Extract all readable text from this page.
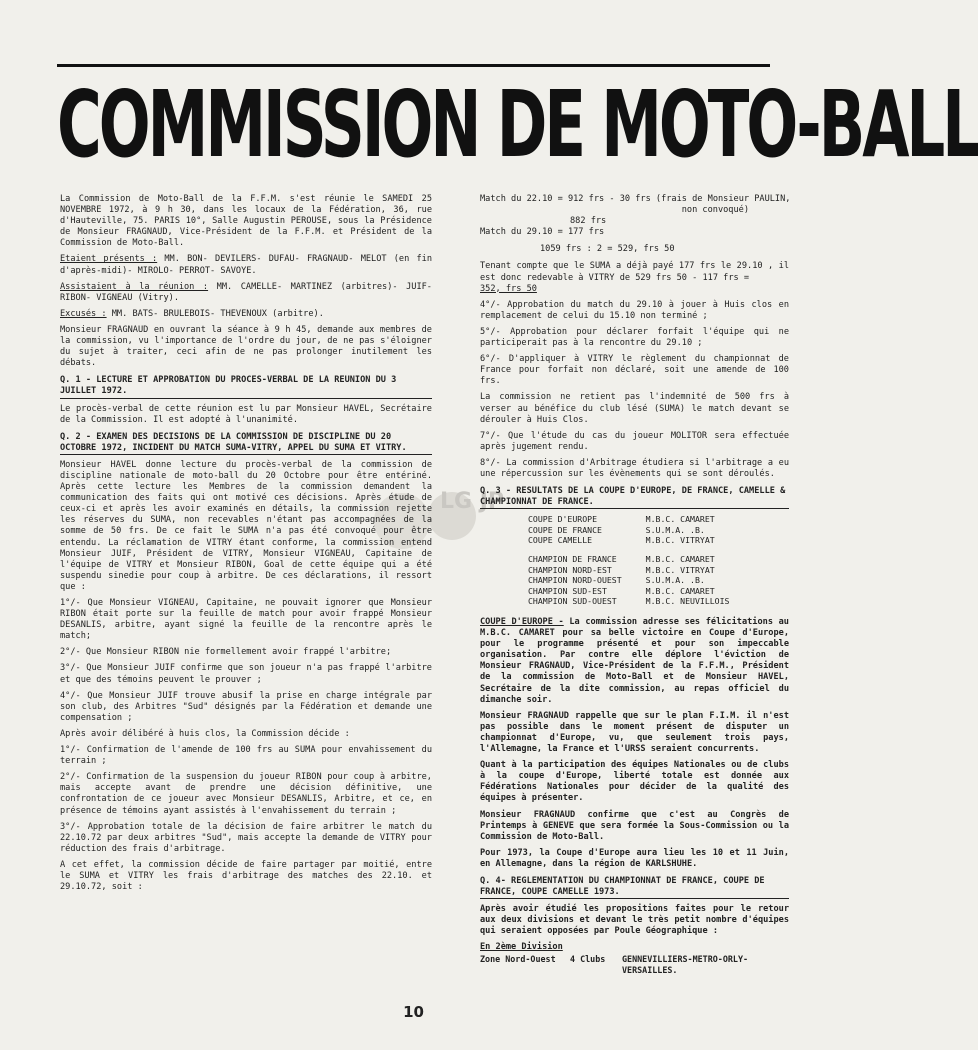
COMMISSION DE MOTO-BALL
LG JP

La Commission de Moto-Ball de la F.F.M. s'est réunie le SAMEDI 25 NOVEMBRE 1972, à 9 h 30, dans les locaux de la Fédération, 36, rue d'Hauteville, 75. PARIS 10°, Salle Augustin PEROUSE, sous la Présidence de Monsieur FRAGNAUD, Vice-Président de la F.F.M. et Président de la Commission de Moto-Ball.

Etaient présents : MM. BON- DEVILERS- DUFAU- FRAGNAUD- MELOT (en fin d'après-midi)- MIROLO- PERROT- SAVOYE.

Assistaient à la réunion : MM. CAMELLE- MARTINEZ (arbitres)- JUIF- RIBON- VIGNEAU (Vitry).

Excusés : MM. BATS- BRULEBOIS- THEVENOUX (arbitre).

Monsieur FRAGNAUD en ouvrant la séance à 9 h 45, demande aux membres de la commission, vu l'importance de l'ordre du jour, de ne pas s'éloigner du sujet à traiter, ceci afin de ne pas prolonger inutilement les débats.

Q. 1 - LECTURE ET APPROBATION DU PROCES-VERBAL DE LA REUNION DU 3 JUILLET 1972.

Le procès-verbal de cette réunion est lu par Monsieur HAVEL, Secrétaire de la Commission. Il est adopté à l'unanimité.

Q. 2 - EXAMEN DES DECISIONS DE LA COMMISSION DE DISCIPLINE DU 20 OCTOBRE 1972, INCIDENT DU MATCH SUMA-VITRY, APPEL DU SUMA ET VITRY.

Monsieur HAVEL donne lecture du procès-verbal de la commission de discipline nationale de moto-ball du 20 Octobre pour être entériné. Après cette lecture les Membres de la commission demandent la communication des faits qui ont motivé ces décisions. Après étude de ceux-ci et après les avoir examinés en détails, la commission rejette les réserves du SUMA, non recevables n'étant pas accompagnées de la somme de 50 frs. De ce fait le SUMA n'a pas été convoqué pour être entendu. La réclamation de VITRY étant conforme, la commission entend Monsieur JUIF, Président de VITRY, Monsieur VIGNEAU, Capitaine de l'équipe de VITRY et Monsieur RIBON, Goal de cette équipe qui a été suspendu sinedie pour coup à arbitre. De ces déclarations, il ressort que :

1°/- Que Monsieur VIGNEAU, Capitaine, ne pouvait ignorer que Monsieur RIBON était porte sur la feuille de match pour avoir frappé Monsieur DESANLIS, arbitre, ayant signé la feuille de la rencontre après le match;

2°/- Que Monsieur RIBON nie formellement avoir frappé l'arbitre;

3°/- Que Monsieur JUIF confirme que son joueur n'a pas frappé l'arbitre et que des témoins peuvent le prouver ;

4°/- Que Monsieur JUIF trouve abusif la prise en charge intégrale par son club, des Arbitres "Sud" désignés par la Fédération et demande une compensation ;

Après avoir délibéré à huis clos, la Commission décide :

1°/- Confirmation de l'amende de 100 frs au SUMA pour envahissement du terrain ;

2°/- Confirmation de la suspension du joueur RIBON pour coup à arbitre, mais accepte avant de prendre une décision définitive, une confrontation de ce joueur avec Monsieur DESANLIS, Arbitre, et ce, en présence de témoins ayant assistés à l'envahissement du terrain ;

3°/- Approbation totale de la décision de faire arbitrer le match du 22.10.72 par deux arbitres "Sud", mais accepte la demande de VITRY pour réduction des frais d'arbitrage.

A cet effet, la commission décide de faire partager par moitié, entre le SUMA et VITRY les frais d'arbitrage des matches des 22.10. et 29.10.72, soit :

Match du 22.10 = 912 frs - 30 frs (frais de Monsieur PAULIN,

non convoqué)

882 frs

Match du 29.10 = 177 frs

1059 frs : 2 = 529, frs 50

Tenant compte que le SUMA a déjà payé 177 frs le 29.10 , il est donc redevable à VITRY de 529 frs 50 - 117 frs =

352, frs 50

4°/- Approbation du match du 29.10 à jouer à Huis clos en remplacement de celui du 15.10 non terminé ;

5°/- Approbation pour déclarer forfait l'équipe qui ne participerait pas à la rencontre du 29.10 ;

6°/- D'appliquer à VITRY le règlement du championnat de France pour forfait non déclaré, soit une amende de 100 frs.

La commission ne retient pas l'indemnité de 500 frs à verser au bénéfice du club lésé (SUMA) le match devant se dérouler à Huis Clos.

7°/- Que l'étude du cas du joueur MOLITOR sera effectuée après jugement rendu.

8°/- La commission d'Arbitrage étudiera si l'arbitrage a eu une répercussion sur les évènements qui se sont déroulés.

Q. 3 - RESULTATS DE LA COUPE D'EUROPE, DE FRANCE, CAMELLE & CHAMPIONNAT DE FRANCE.

COUPE D'EUROPE	M.B.C. CAMARET
COUPE DE FRANCE	S.U.M.A. .B.
COUPE CAMELLE	M.B.C. VITRYAT
CHAMPION DE FRANCE	M.B.C. CAMARET
CHAMPION NORD-EST	M.B.C. VITRYAT
CHAMPION NORD-OUEST	S.U.M.A. .B.
CHAMPION SUD-EST	M.B.C. CAMARET
CHAMPION SUD-OUEST	M.B.C. NEUVILLOIS

COUPE D'EUROPE - La commission adresse ses félicitations au M.B.C. CAMARET pour sa belle victoire en Coupe d'Europe, pour le programme présenté et pour son impeccable organisation. Par contre elle déplore l'éviction de Monsieur FRAGNAUD, Vice-Président de la F.F.M., Président de la commission de Moto-Ball et de Monsieur HAVEL, Secrétaire de la dite commission, au repas officiel du dimanche soir.

Monsieur FRAGNAUD rappelle que sur le plan F.I.M. il n'est pas possible dans le moment présent de disputer un championnat d'Europe, vu, que seulement trois pays, l'Allemagne, la France et l'URSS seraient concurrents.

Quant à la participation des équipes Nationales ou de clubs à la coupe d'Europe, liberté totale est donnée aux Fédérations Nationales pour décider de la qualité des équipes à présenter.

Monsieur FRAGNAUD confirme que c'est au Congrès de Printemps à GENEVE que sera formée la Sous-Commission ou la Commission de Moto-Ball.

Pour 1973, la Coupe d'Europe aura lieu les 10 et 11 Juin, en Allemagne, dans la région de KARLSHUHE.

Q. 4- REGLEMENTATION DU CHAMPIONNAT DE FRANCE, COUPE DE FRANCE, COUPE CAMELLE 1973.

Après avoir étudié les propositions faites pour le retour aux deux divisions et devant le très petit nombre d'équipes qui seraient opposées par Poule Géographique :

En 2ème Division

Zone Nord-Ouest	4 Clubs	GENNEVILLIERS-METRO-ORLY-VERSAILLES.
10
